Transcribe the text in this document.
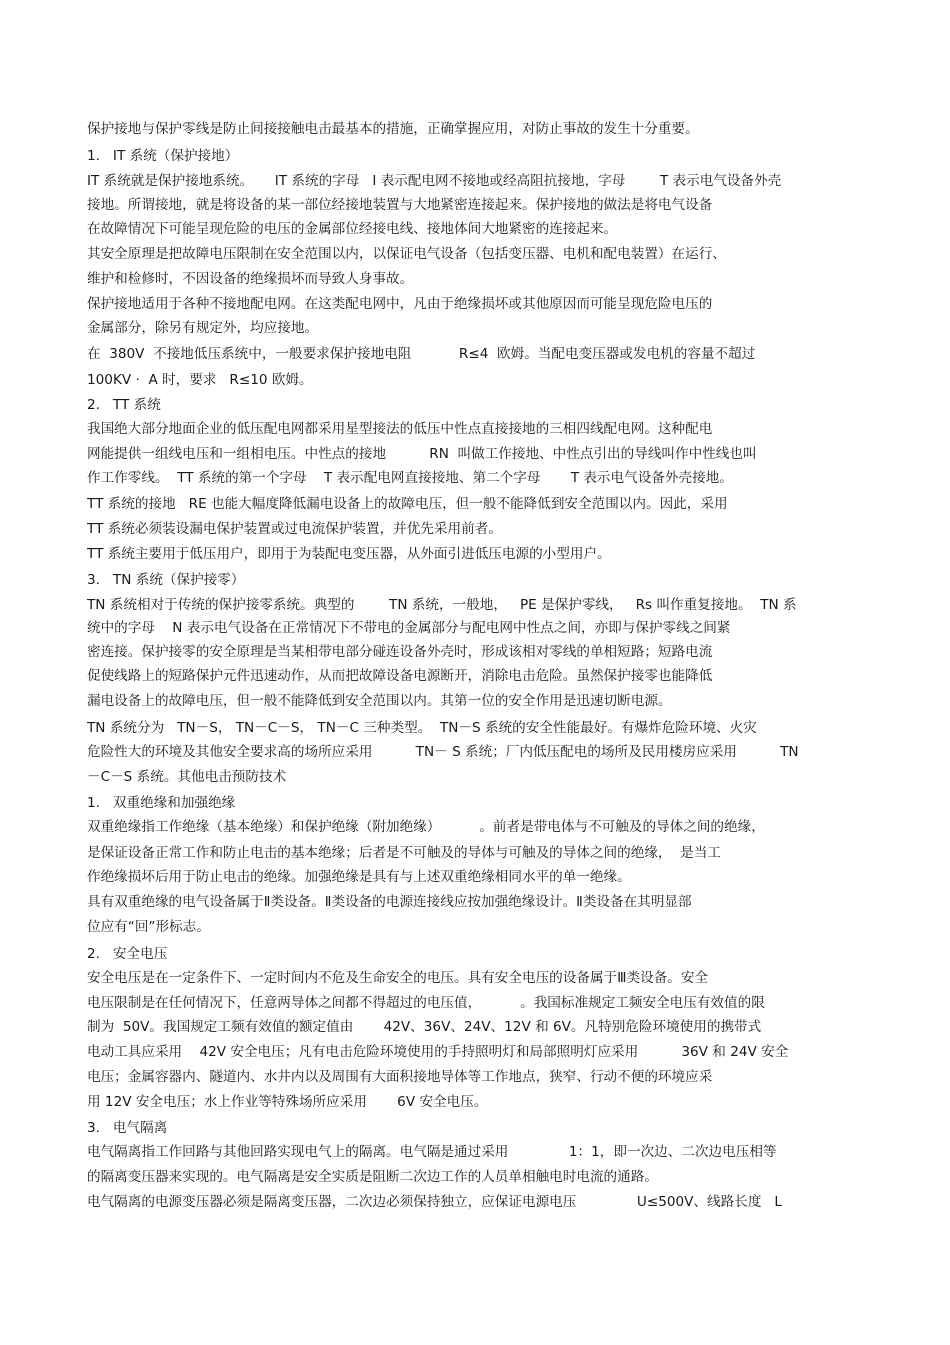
保护接地与保护零线是防止间接接触电击最基本的措施，正确掌握应用，对防止事故的发生十分重要。
1.   IT 系统（保护接地）
IT 系统就是保护接地系统。     IT 系统的字母   I 表示配电网不接地或经高阻抗接地，字母        T 表示电气设备外壳
接地。所谓接地，就是将设备的某一部位经接地装置与大地紧密连接起来。保护接地的做法是将电气设备
在故障情况下可能呈现危险的电压的金属部位经接电线、接地体间大地紧密的连接起来。
其安全原理是把故障电压限制在安全范围以内，以保证电气设备（包括变压器、电机和配电装置）在运行、
维护和检修时，不因设备的绝缘损坏而导致人身事故。
保护接地适用于各种不接地配电网。在这类配电网中，凡由于绝缘损坏或其他原因而可能呈现危险电压的
金属部分，除另有规定外，均应接地。
在  380V  不接地低压系统中，一般要求保护接地电阻           R≤4  欧姆。当配电变压器或发电机的容量不超过
100KV ·  A 时，要求   R≤10 欧姆。
2.   TT 系统
我国绝大部分地面企业的低压配电网都采用星型接法的低压中性点直接接地的三相四线配电网。这种配电
网能提供一组线电压和一组相电压。中性点的接地          RN  叫做工作接地、中性点引出的导线叫作中性线也叫
作工作零线。  TT 系统的第一个字母    T 表示配电网直接接地、第二个字母       T 表示电气设备外壳接地。
TT 系统的接地   RE 也能大幅度降低漏电设备上的故障电压，但一般不能降低到安全范围以内。因此，采用
TT 系统必须装设漏电保护装置或过电流保护装置，并优先采用前者。
TT 系统主要用于低压用户，即用于为装配电变压器，从外面引进低压电源的小型用户。
3.   TN 系统（保护接零）
TN 系统相对于传统的保护接零系统。典型的        TN 系统，一般地，   PE 是保护零线，   Rs 叫作重复接地。  TN 系
统中的字母    N 表示电气设备在正常情况下不带电的金属部分与配电网中性点之间，亦即与保护零线之间紧
密连接。保护接零的安全原理是当某相带电部分碰连设备外壳时，形成该相对零线的单相短路；短路电流
促使线路上的短路保护元件迅速动作，从而把故障设备电源断开，消除电击危险。虽然保护接零也能降低
漏电设备上的故障电压，但一般不能降低到安全范围以内。其第一位的安全作用是迅速切断电源。
TN 系统分为   TN－S， TN－C－S， TN－C 三种类型。  TN－S 系统的安全性能最好。有爆炸危险环境、火灾
危险性大的环境及其他安全要求高的场所应采用          TN－ S 系统；厂内低压配电的场所及民用楼房应采用          TN
－C－S 系统。其他电击预防技术
1.   双重绝缘和加强绝缘
双重绝缘指工作绝缘（基本绝缘）和保护绝缘（附加绝缘）         。前者是带电体与不可触及的导体之间的绝缘，
是保证设备正常工作和防止电击的基本绝缘；后者是不可触及的导体与可触及的导体之间的绝缘，  是当工
作绝缘损坏后用于防止电击的绝缘。加强绝缘是具有与上述双重绝缘相同水平的单一绝缘。
具有双重绝缘的电气设备属于Ⅱ类设备。Ⅱ类设备的电源连接线应按加强绝缘设计。Ⅱ类设备在其明显部
位应有“回”形标志。
2.   安全电压
安全电压是在一定条件下、一定时间内不危及生命安全的电压。具有安全电压的设备属于Ⅲ类设备。安全
电压限制是在任何情况下，任意两导体之间都不得超过的电压值，         。我国标准规定工频安全电压有效值的限
制为  50V。我国规定工频有效值的额定值由       42V、36V、24V、12V 和 6V。凡特别危险环境使用的携带式
电动工具应采用    42V 安全电压；凡有电击危险环境使用的手持照明灯和局部照明灯应采用          36V 和 24V 安全
电压；金属容器内、隧道内、水井内以及周围有大面积接地导体等工作地点，狭窄、行动不便的环境应采
用 12V 安全电压；水上作业等特殊场所应采用       6V 安全电压。
3.   电气隔离
电气隔离指工作回路与其他回路实现电气上的隔离。电气隔是通过采用              1：1，即一次边、二次边电压相等
的隔离变压器来实现的。电气隔离是安全实质是阻断二次边工作的人员单相触电时电流的通路。
电气隔离的电源变压器必须是隔离变压器，二次边必须保持独立，应保证电源电压              U≤500V、线路长度   L
